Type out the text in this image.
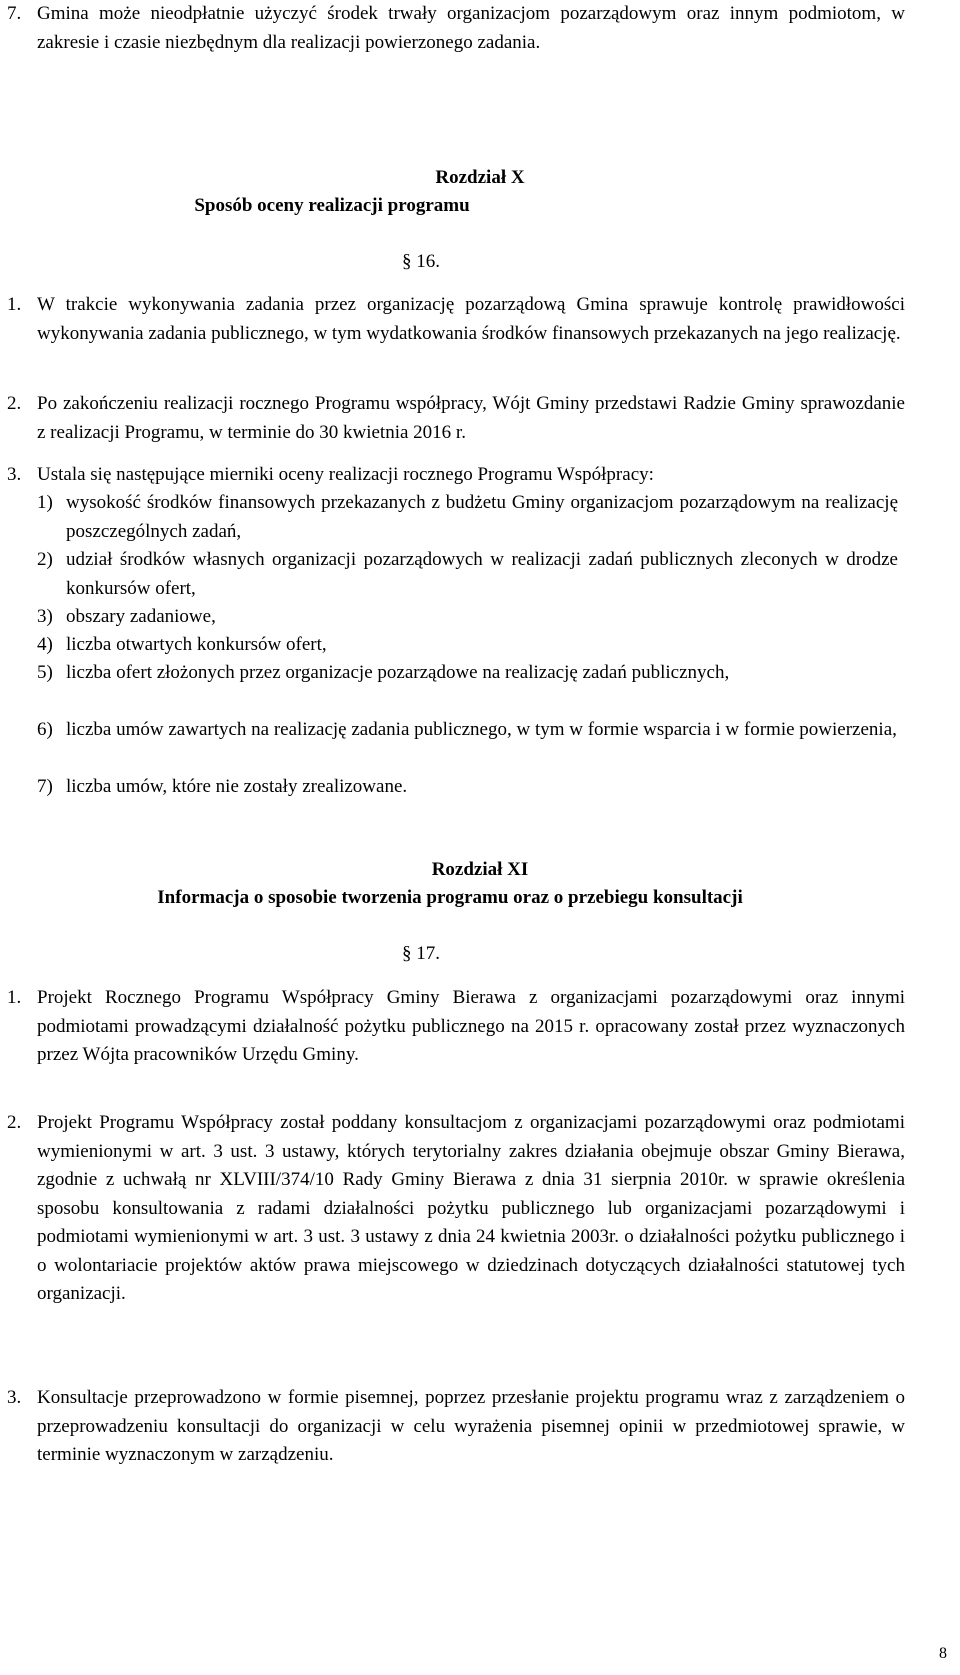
7. Gmina może nieodpłatnie użyczyć środek trwały organizacjom pozarządowym oraz innym podmiotom, w zakresie i czasie niezbędnym dla realizacji powierzonego zadania.
Rozdział X
Sposób oceny realizacji programu
§ 16.
1. W trakcie wykonywania zadania przez organizację pozarządową Gmina sprawuje kontrolę prawidłowości wykonywania zadania publicznego, w tym wydatkowania środków finansowych przekazanych na jego realizację.
2. Po zakończeniu realizacji rocznego Programu współpracy, Wójt Gminy przedstawi Radzie Gminy sprawozdanie z realizacji Programu, w terminie do 30 kwietnia 2016 r.
3. Ustala się następujące mierniki oceny realizacji rocznego Programu Współpracy:
1) wysokość środków finansowych przekazanych z budżetu Gminy organizacjom pozarządowym na realizację poszczególnych zadań,
2) udział środków własnych organizacji pozarządowych w realizacji zadań publicznych zleconych w drodze konkursów ofert,
3) obszary zadaniowe,
4) liczba otwartych konkursów ofert,
5) liczba ofert złożonych przez organizacje pozarządowe na realizację zadań publicznych,
6) liczba umów zawartych na realizację zadania publicznego, w tym w formie wsparcia i w formie powierzenia,
7) liczba umów, które nie zostały zrealizowane.
Rozdział XI
Informacja o sposobie tworzenia programu oraz o przebiegu konsultacji
§ 17.
1. Projekt Rocznego Programu Współpracy Gminy Bierawa z organizacjami pozarządowymi oraz innymi podmiotami prowadzącymi działalność pożytku publicznego na 2015 r. opracowany został przez wyznaczonych przez Wójta pracowników Urzędu Gminy.
2. Projekt Programu Współpracy został poddany konsultacjom z organizacjami pozarządowymi oraz podmiotami wymienionymi w art. 3 ust. 3 ustawy, których terytorialny zakres działania obejmuje obszar Gminy Bierawa, zgodnie z uchwałą nr XLVIII/374/10 Rady Gminy Bierawa z dnia 31 sierpnia 2010r. w sprawie określenia sposobu konsultowania z radami działalności pożytku publicznego lub organizacjami pozarządowymi i podmiotami wymienionymi w art. 3 ust. 3 ustawy z dnia 24 kwietnia 2003r. o działalności pożytku publicznego i o wolontariacie projektów aktów prawa miejscowego w dziedzinach dotyczących działalności statutowej tych organizacji.
3. Konsultacje przeprowadzono w formie pisemnej, poprzez przesłanie projektu programu wraz z zarządzeniem o przeprowadzeniu konsultacji do organizacji w celu wyrażenia pisemnej opinii w przedmiotowej sprawie, w terminie wyznaczonym w zarządzeniu.
8
